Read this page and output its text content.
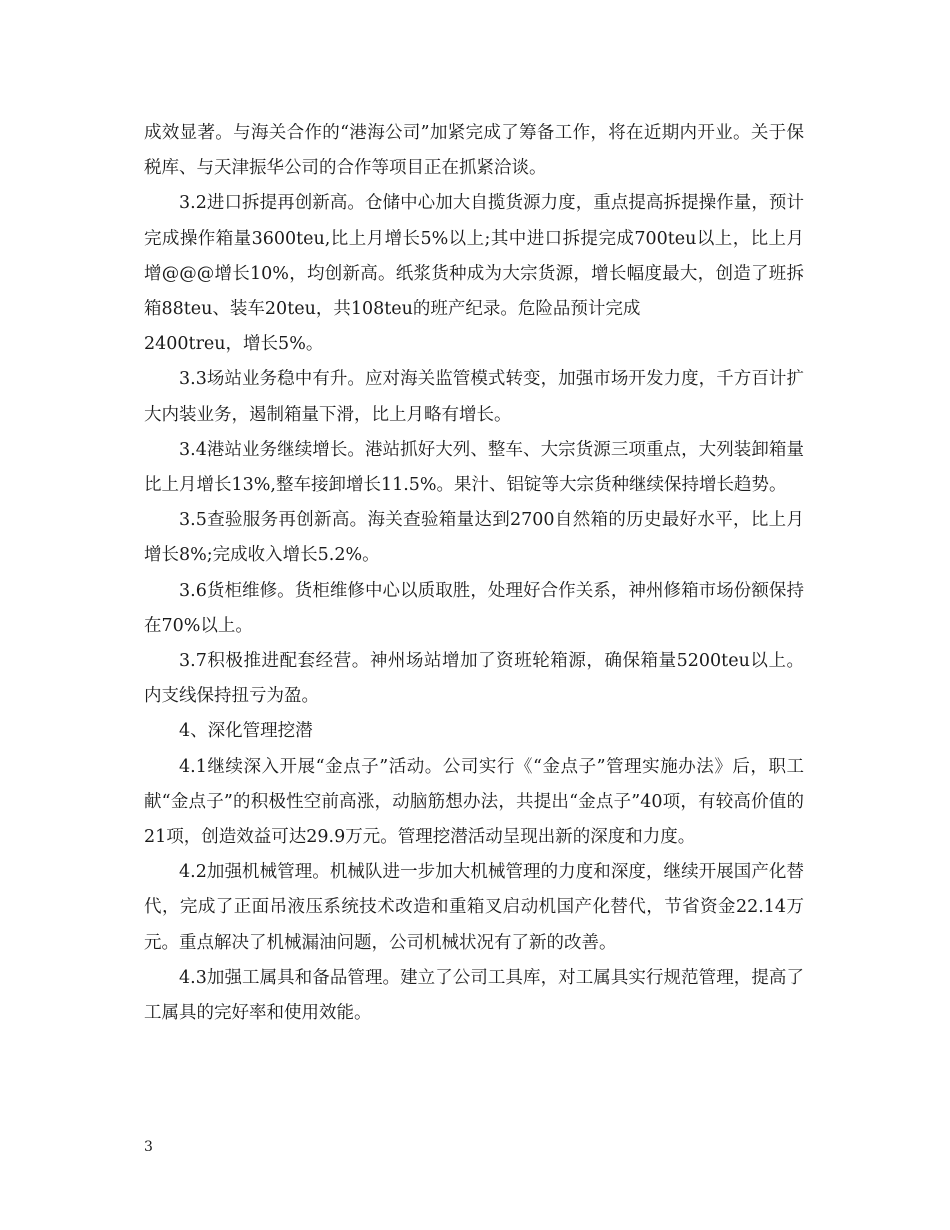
成效显著。与海关合作的“港海公司”加紧完成了筹备工作，将在近期内开业。关于保税库、与天津振华公司的合作等项目正在抓紧洽谈。

3.2进口拆提再创新高。仓储中心加大自揽货源力度，重点提高拆提操作量，预计完成操作箱量3600teu,比上月增长5%以上;其中进口拆提完成700teu以上，比上月增@@@增长10%，均创新高。纸浆货种成为大宗货源，增长幅度最大，创造了班拆箱88teu、装车20teu，共108teu的班产纪录。危险品预计完成

2400treu，增长5%。

3.3场站业务稳中有升。应对海关监管模式转变，加强市场开发力度，千方百计扩大内装业务，遏制箱量下滑，比上月略有增长。

3.4港站业务继续增长。港站抓好大列、整车、大宗货源三项重点，大列装卸箱量比上月增长13%,整车接卸增长11.5%。果汁、铝锭等大宗货种继续保持增长趋势。

3.5查验服务再创新高。海关查验箱量达到2700自然箱的历史最好水平，比上月增长8%;完成收入增长5.2%。

3.6货柜维修。货柜维修中心以质取胜，处理好合作关系，神州修箱市场份额保持在70%以上。

3.7积极推进配套经营。神州场站增加了资班轮箱源，确保箱量5200teu以上。内支线保持扭亏为盈。

4、深化管理挖潜

4.1继续深入开展“金点子”活动。公司实行《“金点子”管理实施办法》后，职工献“金点子”的积极性空前高涨，动脑筋想办法，共提出“金点子”40项，有较高价值的21项，创造效益可达29.9万元。管理挖潜活动呈现出新的深度和力度。

4.2加强机械管理。机械队进一步加大机械管理的力度和深度，继续开展国产化替代，完成了正面吊液压系统技术改造和重箱叉启动机国产化替代，节省资金22.14万元。重点解决了机械漏油问题，公司机械状况有了新的改善。

4.3加强工属具和备品管理。建立了公司工具库，对工属具实行规范管理，提高了工属具的完好率和使用效能。

3
